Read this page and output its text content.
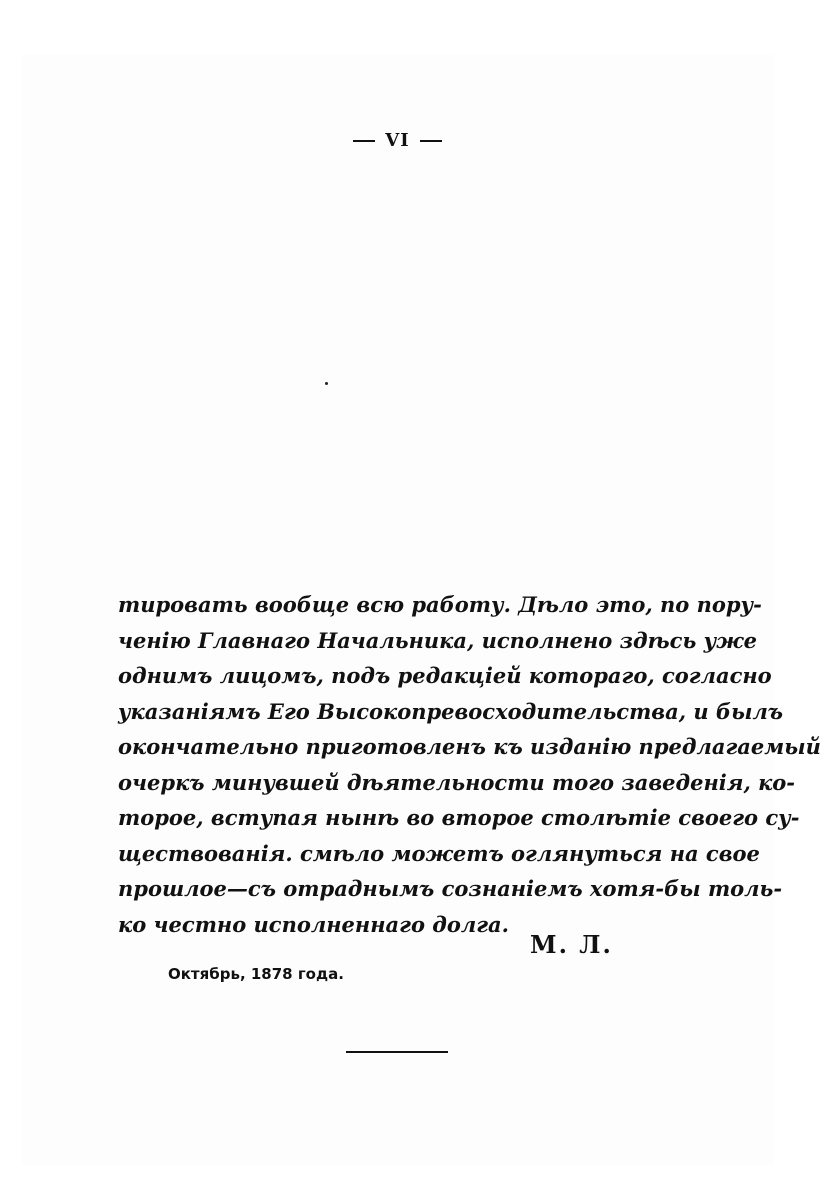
VI
тировать вообще всю работу. Дѣло это, по пору-
ченію Главнаго Начальника, исполнено здѣсь уже
однимъ лицомъ, подъ редакціей котораго, согласно
указаніямъ Его Высокопревосходительства, и былъ
окончательно приготовленъ къ изданію предлагаемый
очеркъ минувшей дѣятельности того заведенія, ко-
торое, вступая нынѣ во второе столѣтіе своего су-
ществованія. смѣло можетъ оглянуться на свое
прошлое—съ отраднымъ сознаніемъ хотя-бы толь-
ко честно исполненнаго долга.
М. Л.
Октябрь, 1878 года.
